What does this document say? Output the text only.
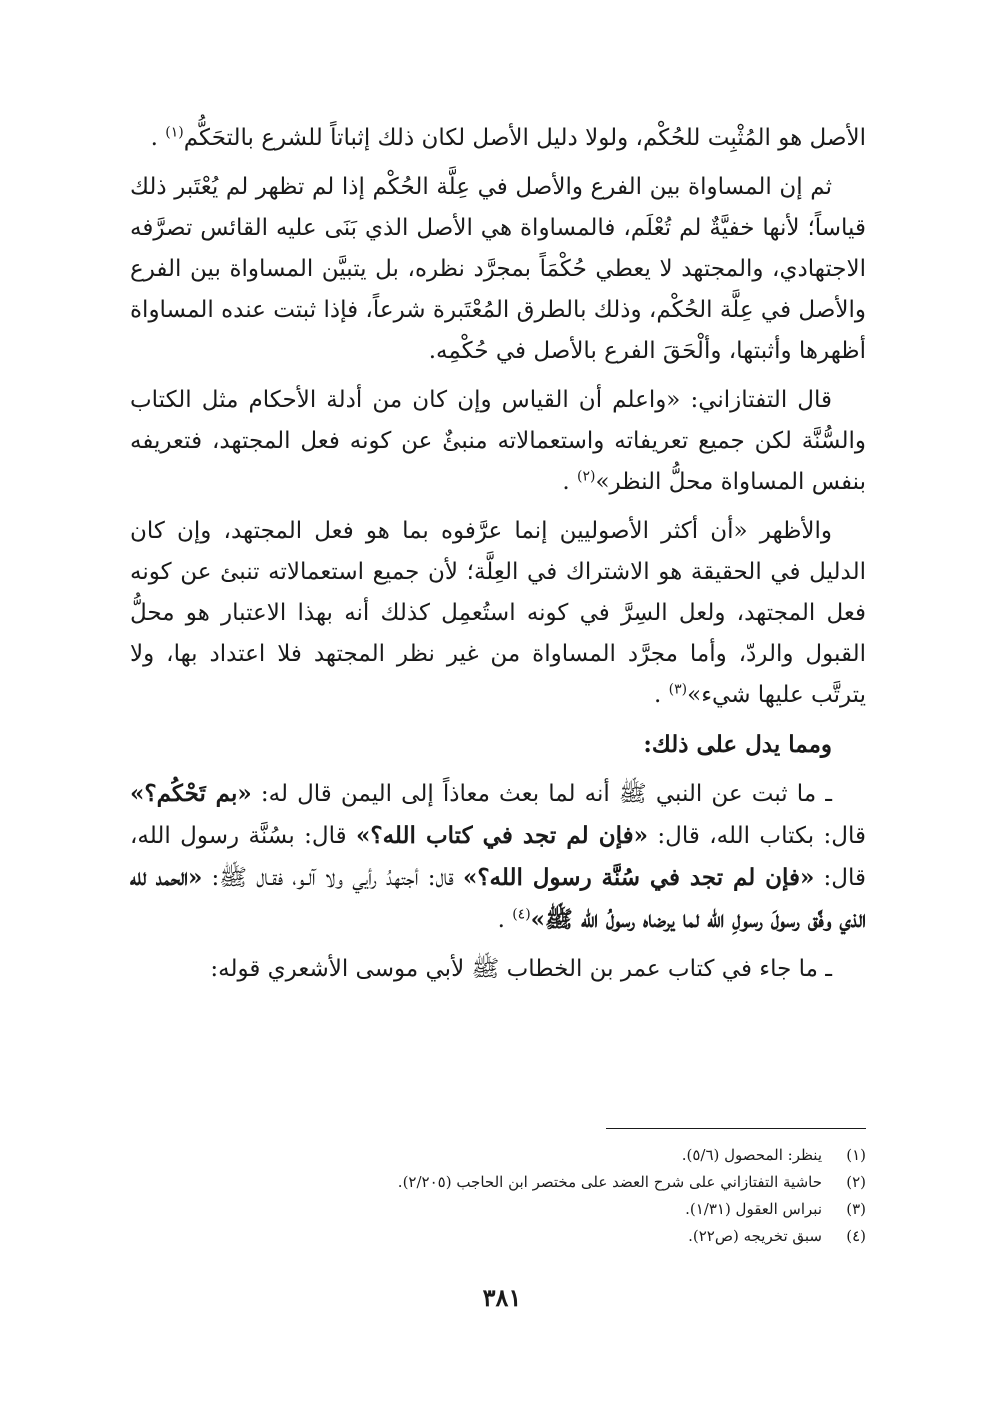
الأصل هو المُثْبِت للحُكْم، ولولا دليل الأصل لكان ذلك إثباتاً للشرع بالتحَكُّم$^{(١)}$ .

ثم إن المساواة بين الفرع والأصل في عِلَّة الحُكْم إذا لم تظهر لم يُعْتَبر ذلك قياساً؛ لأنها خفيَّةٌ لم تُعْلَم، فالمساواة هي الأصل الذي بَنَى عليه القائس تصرَّفه الاجتهادي، والمجتهد لا يعطي حُكْمَاً بمجرَّد نظره، بل يتبيَّن المساواة بين الفرع والأصل في عِلَّة الحُكْم، وذلك بالطرق المُعْتَبرة شرعاً، فإذا ثبتت عنده المساواة أظهرها وأثبتها، وألْحَقَ الفرع بالأصل في حُكْمِه.

قال التفتازاني: «واعلم أن القياس وإن كان من أدلة الأحكام مثل الكتاب والسُّنَّة لكن جميع تعريفاته واستعمالاته منبئٌ عن كونه فعل المجتهد، فتعريفه بنفس المساواة محلُّ النظر»$^{(٢)}$ .

والأظهر «أن أكثر الأصوليين إنما عرَّفوه بما هو فعل المجتهد، وإن كان الدليل في الحقيقة هو الاشتراك في العِلَّة؛ لأن جميع استعمالاته تنبئ عن كونه فعل المجتهد، ولعل السِرَّ في كونه استُعمِل كذلك أنه بهذا الاعتبار هو محلُّ القبول والردّ، وأما مجرَّد المساواة من غير نظر المجتهد فلا اعتداد بها، ولا يترتَّب عليها شيء»$^{(٣)}$ .

ومما يدل على ذلك:

ـ ما ثبت عن النبي ﷺ أنه لما بعث معاذاً إلى اليمن قال له: «بم تَحْكُم؟» قال: بكتاب الله، قال: «فإن لم تجد في كتاب الله؟» قال: بسُنَّة رسول الله، قال: «فإن لم تجد في سُنَّة رسول الله؟» قال: أجتهدُ رأيي ولا آلـو، فقـال ﷺ: «الحمد لله الذي وفَّق رسولَ رسولِ الله لما يرضاه رسولُ الله ﷺ»$^{(٤)}$ .

ـ ما جاء في كتاب عمر بن الخطاب ﷺ لأبي موسى الأشعري قوله:

(١)
ينظر: المحصول (٥/٦).
(٢)
حاشية التفتازاني على شرح العضد على مختصر ابن الحاجب (٢/٢٠٥).
(٣)
نبراس العقول (١/٣١).
(٤)
سبق تخريجه (ص٢٢).
٣٨١
